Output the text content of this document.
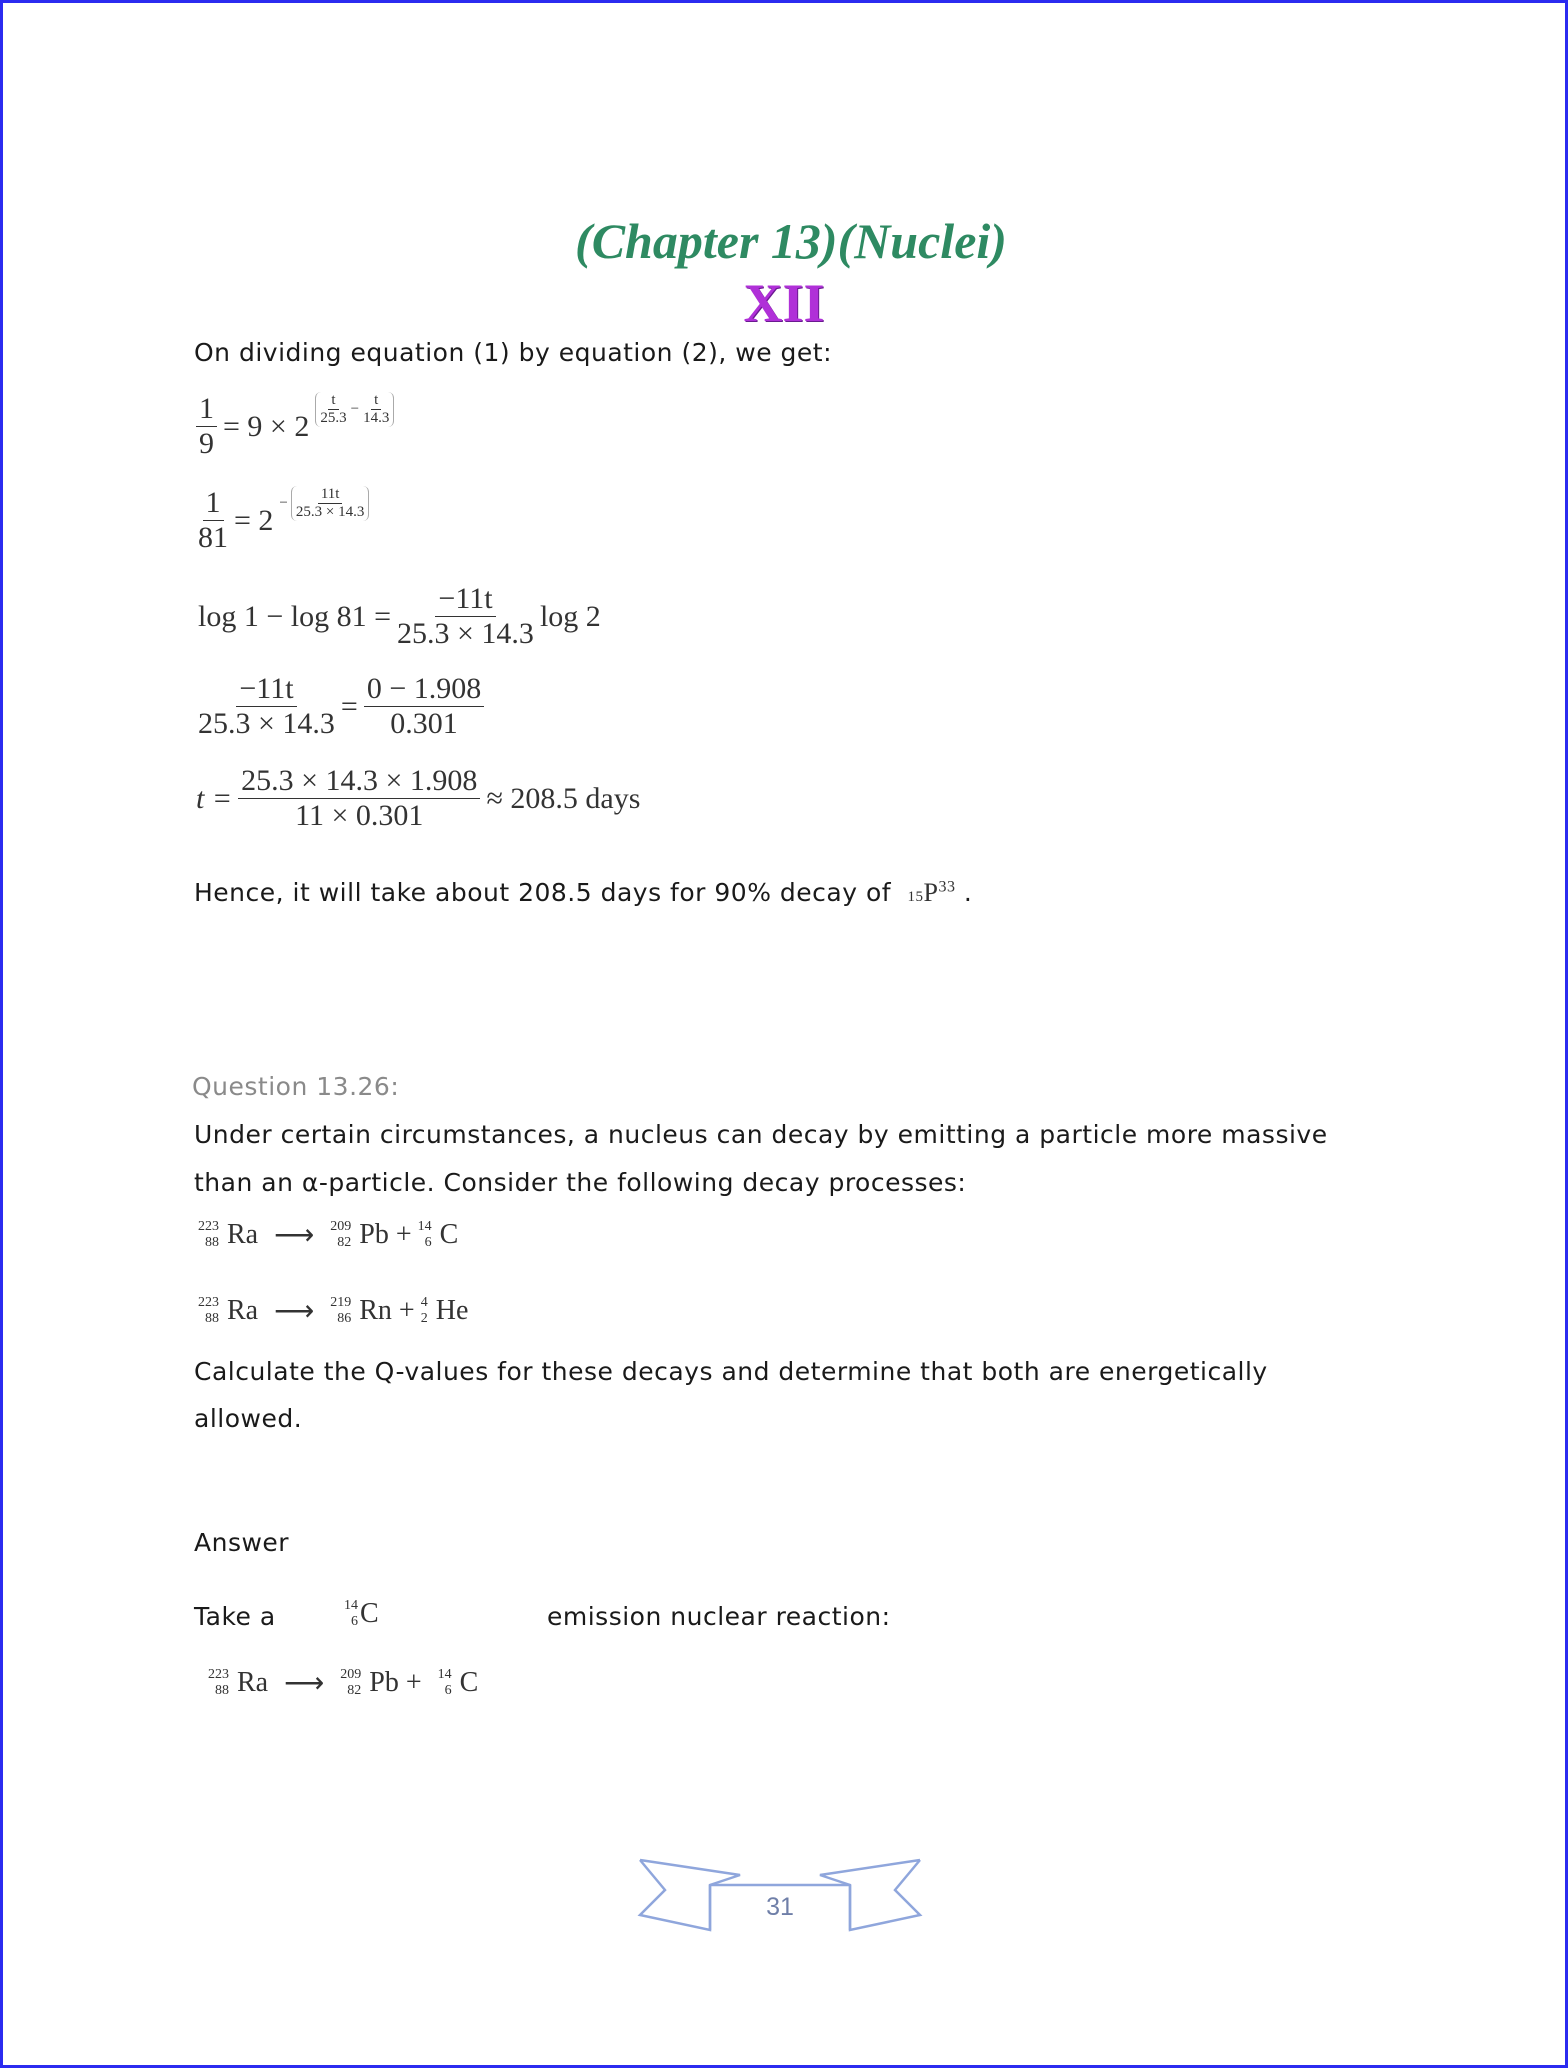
(Chapter 13)(Nuclei)
XII
On dividing equation (1) by equation (2), we get:
$\frac{1}{9} = 9 \times 2 \frac{t}{25.3} - \frac{t}{14.3}$
$\frac{1}{81} = 2$
− $\frac{11t}{25.3 \times 14.3}$
$\log 1 - \log 81 = \frac{-11t}{25.3 \times 14.3}$ log 2
$\frac{-11t}{25.3 \times 14.3} = \frac{0 - 1.908}{0.301}$
$t = \frac{25.3 \times 14.3 \times 1.908}{11 \times 0.301} \approx 208.5$ days
Hence, it will take about 208.5 days for 90% decay of $15P^{33}$ .
Question 13.26:
Under certain circumstances, a nucleus can decay by emitting a particle more massive
than an α-particle. Consider the following decay processes:
223
88 Ra ⟶ 209
82 Pb + 14
6 C
223
88 Ra ⟶ 219
86 Rn + 4
2 He
Calculate the Q-values for these decays and determine that both are energetically
allowed.
Answer
Take a	14
6 C	emission nuclear reaction:
223
88 Ra ⟶ 209
82 Pb + 14
6 C
31
